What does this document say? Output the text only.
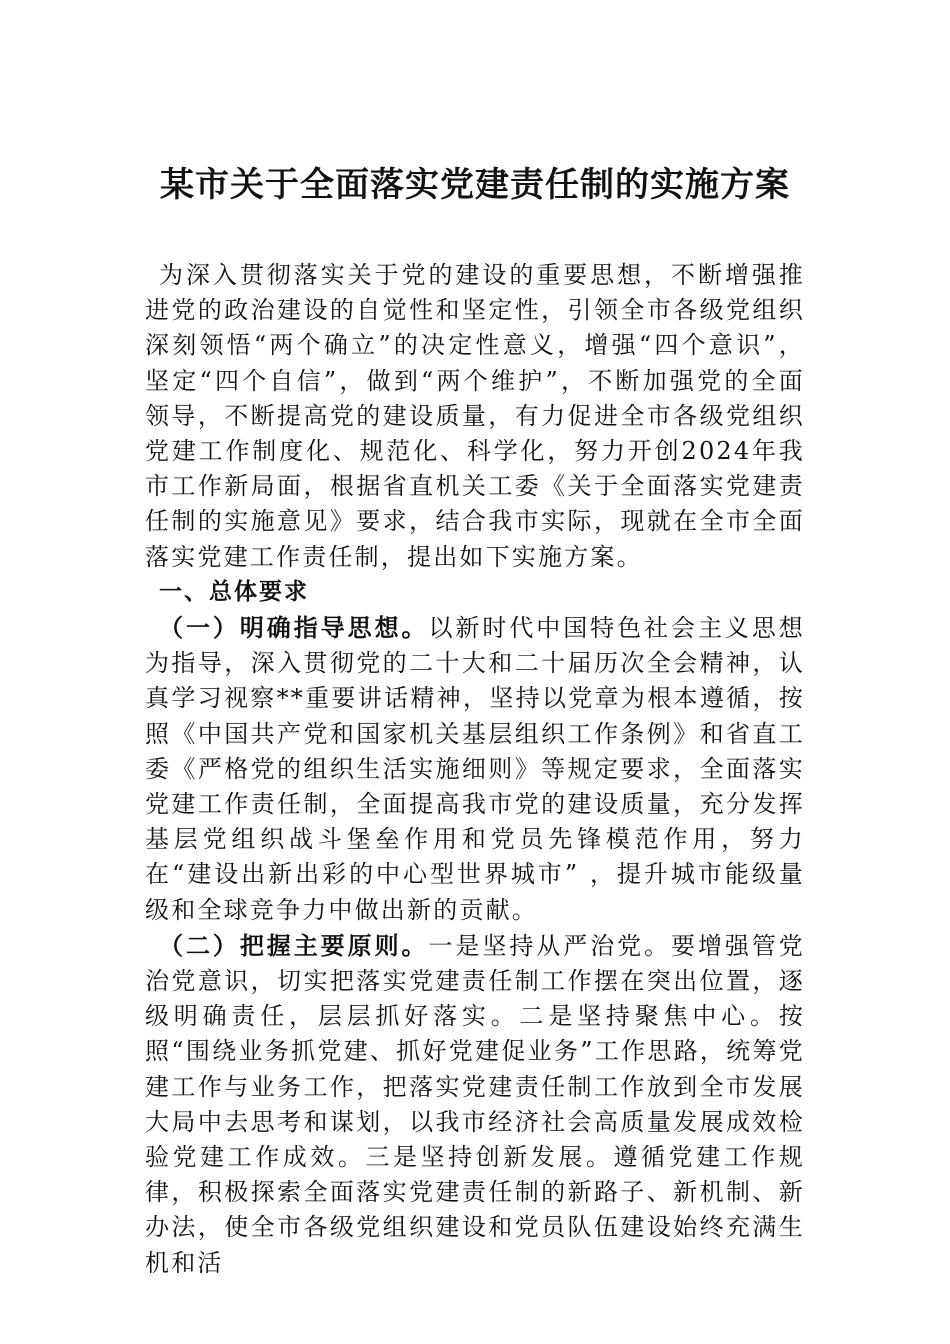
某市关于全面落实党建责任制的实施方案

为深入贯彻落实关于党的建设的重要思想，不断增强推进党的政治建设的自觉性和坚定性，引领全市各级党组织深刻领悟“两个确立”的决定性意义，增强“四个意识”，坚定“四个自信”，做到“两个维护”，不断加强党的全面领导，不断提高党的建设质量，有力促进全市各级党组织党建工作制度化、规范化、科学化，努力开创2024年我市工作新局面，根据省直机关工委《关于全面落实党建责任制的实施意见》要求，结合我市实际，现就在全市全面落实党建工作责任制，提出如下实施方案。

一、总体要求

（一）明确指导思想。以新时代中国特色社会主义思想为指导，深入贯彻党的二十大和二十届历次全会精神，认真学习视察**重要讲话精神，坚持以党章为根本遵循，按照《中国共产党和国家机关基层组织工作条例》和省直工委《严格党的组织生活实施细则》等规定要求，全面落实党建工作责任制，全面提高我市党的建设质量，充分发挥基层党组织战斗堡垒作用和党员先锋模范作用，努力在“建设出新出彩的中心型世界城市” ，提升城市能级量级和全球竞争力中做出新的贡献。

（二）把握主要原则。一是坚持从严治党。要增强管党治党意识，切实把落实党建责任制工作摆在突出位置，逐级明确责任，层层抓好落实。二是坚持聚焦中心。按照“围绕业务抓党建、抓好党建促业务”工作思路，统筹党建工作与业务工作，把落实党建责任制工作放到全市发展大局中去思考和谋划，以我市经济社会高质量发展成效检验党建工作成效。三是坚持创新发展。遵循党建工作规律，积极探索全面落实党建责任制的新路子、新机制、新办法，使全市各级党组织建设和党员队伍建设始终充满生机和活
